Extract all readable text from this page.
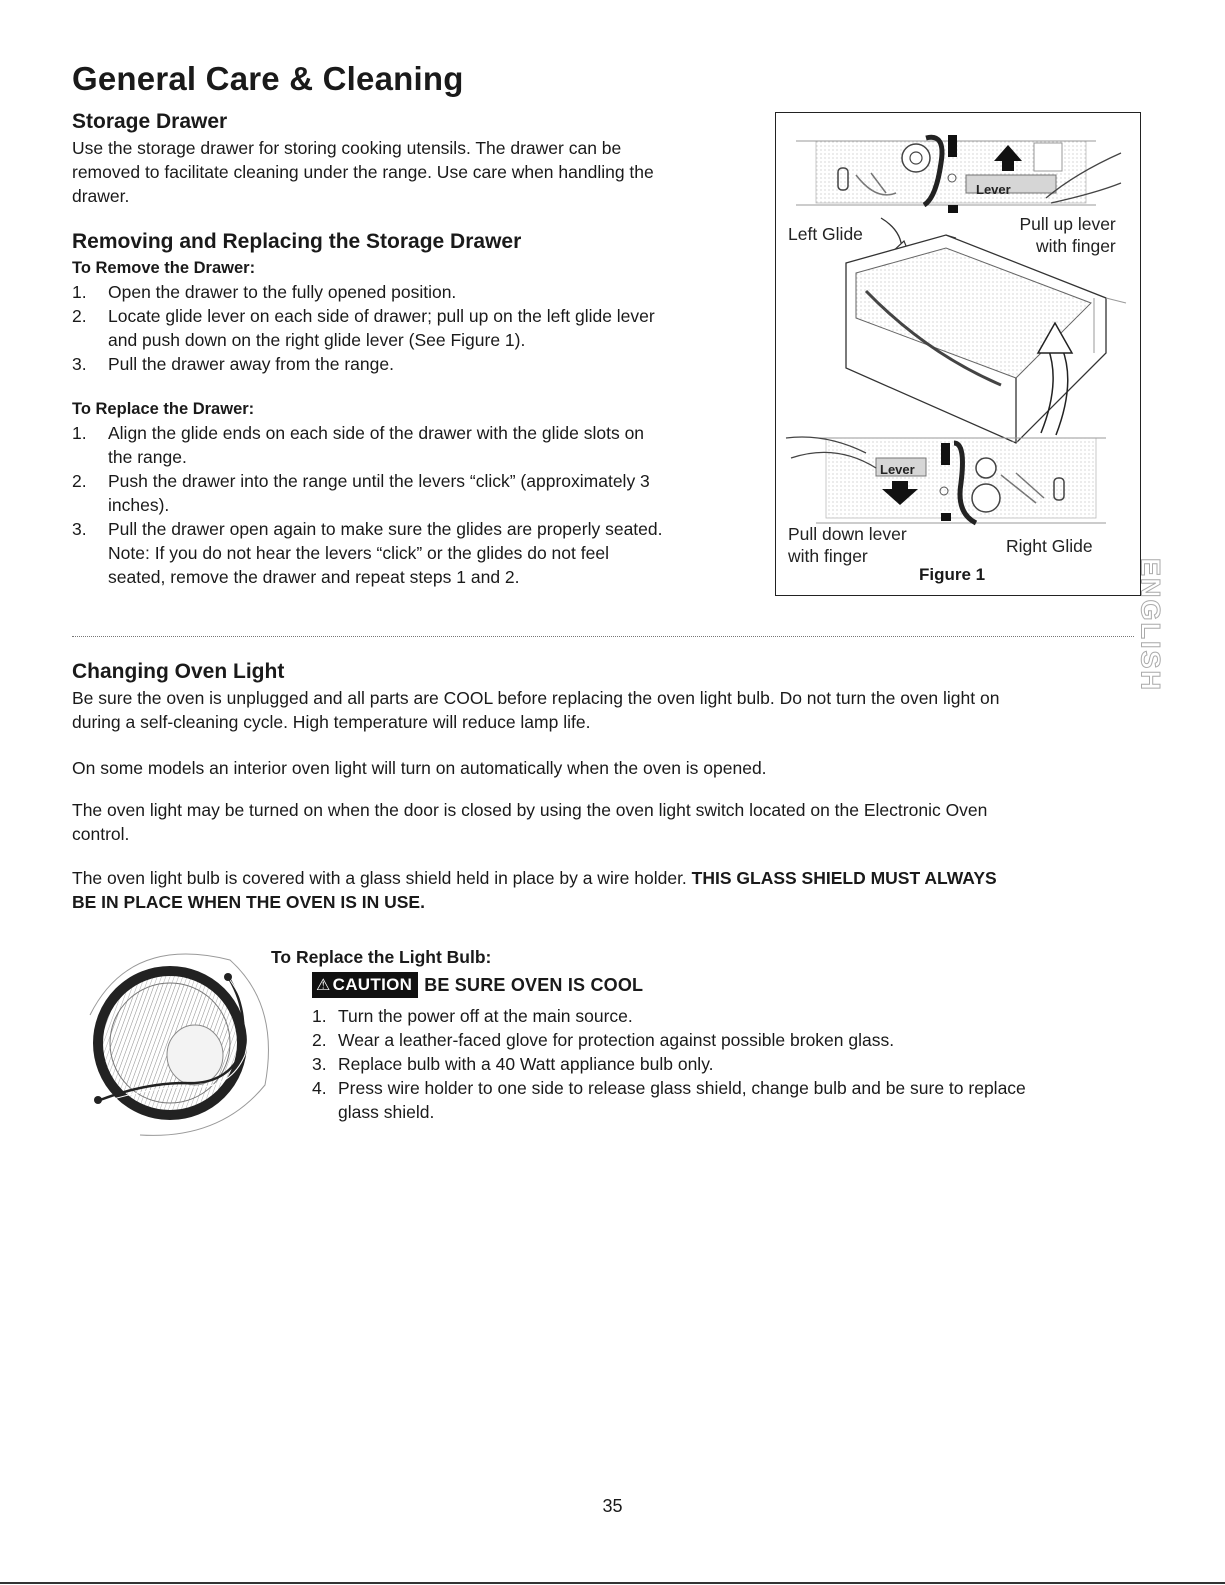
General Care & Cleaning
Storage Drawer
Use the storage drawer for storing cooking utensils. The drawer can be
removed to facilitate cleaning under the range. Use care when handling the
drawer.
Removing and Replacing the Storage Drawer
To Remove the Drawer:
1. Open the drawer to the fully opened position.
2. Locate glide lever on each side of drawer; pull up on the left glide lever
and push down on the right glide lever (See Figure 1).
3. Pull the drawer away from the range.
To Replace the Drawer:
1. Align the glide ends on each side of the drawer with the glide slots on
the range.
2. Push the drawer into the range until the levers “click” (approximately 3
inches).
3. Pull the drawer open again to make sure the glides are properly seated.
Note: If you do not hear the levers “click” or the glides do not feel
seated, remove the drawer and repeat steps 1 and 2.
Left Glide	Pull up lever
with finger
Lever
Lever
Pull down lever
with finger	Right Glide
Figure 1	ENGLISH
Changing Oven Light
Be sure the oven is unplugged and all parts are COOL before replacing the oven light bulb. Do not turn the oven light on
during a self-cleaning cycle. High temperature will reduce lamp life.
On some models an interior oven light will turn on automatically when the oven is opened.
The oven light may be turned on when the door is closed by using the oven light switch located on the Electronic Oven
control.
The oven light bulb is covered with a glass shield held in place by a wire holder. THIS GLASS SHIELD MUST ALWAYS
BE IN PLACE WHEN THE OVEN IS IN USE.
To Replace the Light Bulb:
⚠ CAUTION BE SURE OVEN IS COOL
1. Turn the power off at the main source.
2. Wear a leather-faced glove for protection against possible broken glass.
3. Replace bulb with a 40 Watt appliance bulb only.
4. Press wire holder to one side to release glass shield, change bulb and be sure to replace
glass shield.
35
